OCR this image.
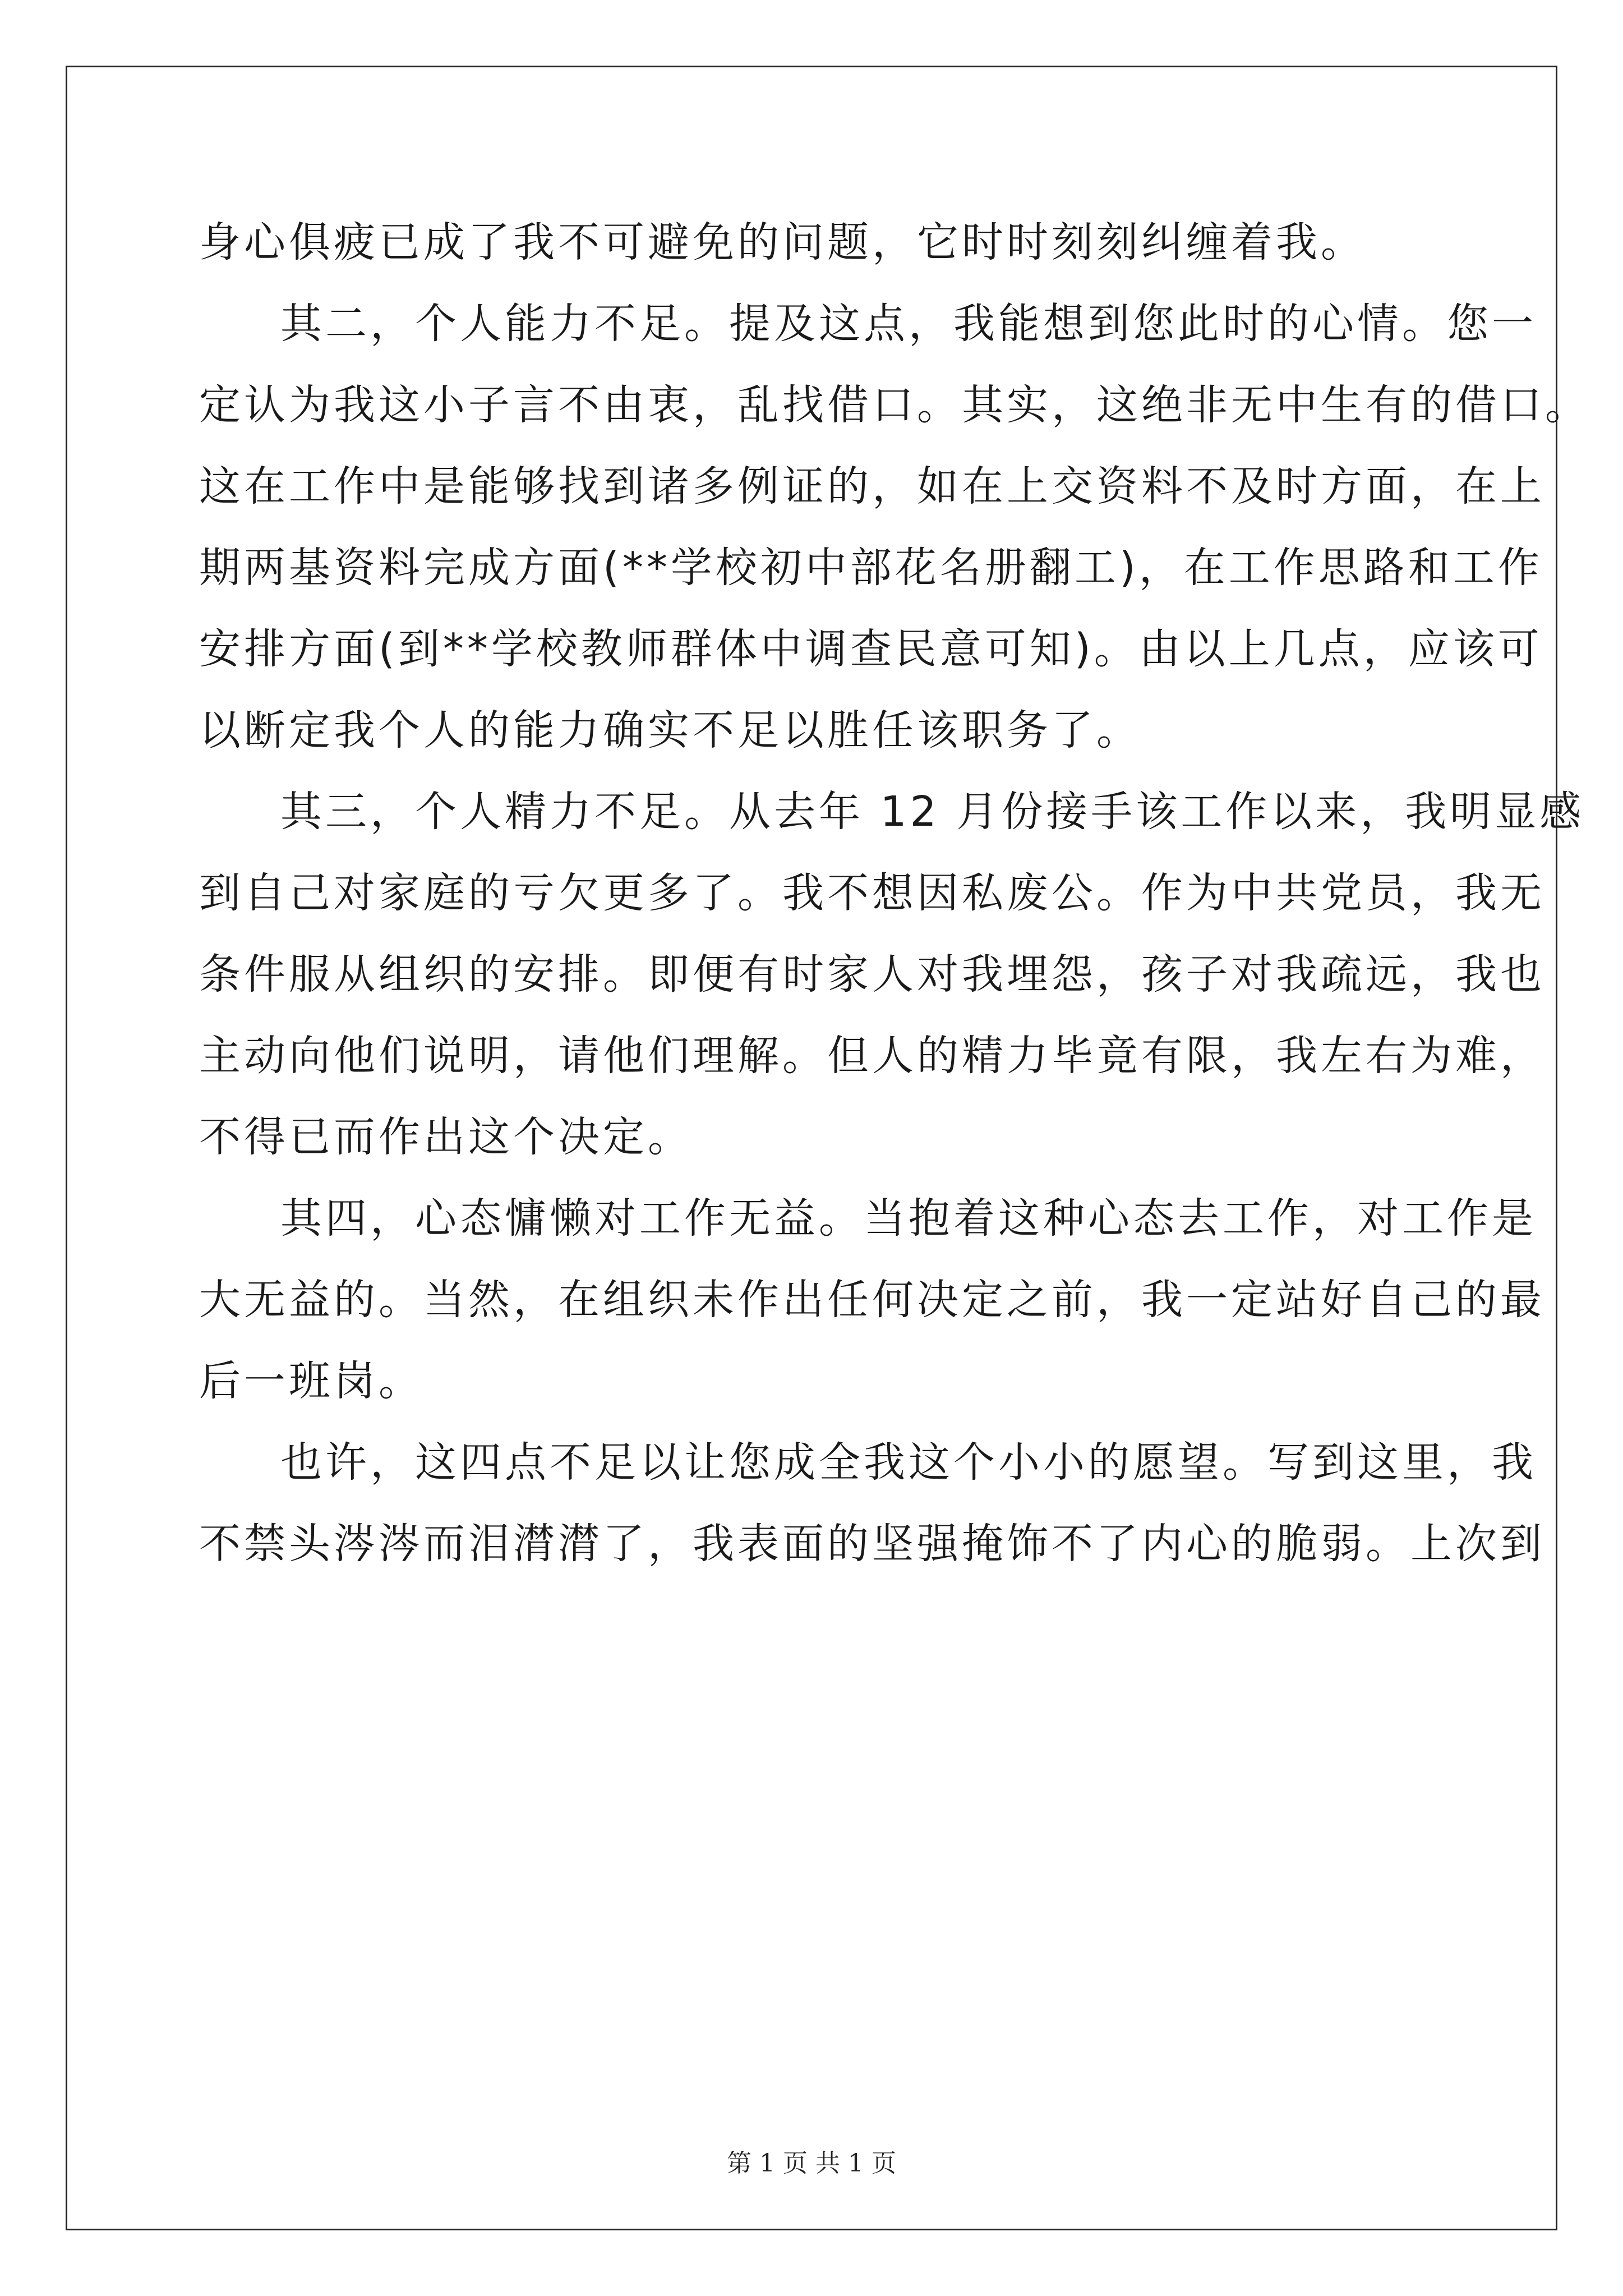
身心俱疲已成了我不可避免的问题，它时时刻刻纠缠着我。
其二，个人能力不足。提及这点，我能想到您此时的心情。您一
定认为我这小子言不由衷，乱找借口。其实，这绝非无中生有的借口。
这在工作中是能够找到诸多例证的，如在上交资料不及时方面，在上
期两基资料完成方面(**学校初中部花名册翻工)，在工作思路和工作
安排方面(到**学校教师群体中调查民意可知)。由以上几点，应该可
以断定我个人的能力确实不足以胜任该职务了。
其三，个人精力不足。从去年 12 月份接手该工作以来，我明显感
到自己对家庭的亏欠更多了。我不想因私废公。作为中共党员，我无
条件服从组织的安排。即便有时家人对我埋怨，孩子对我疏远，我也
主动向他们说明，请他们理解。但人的精力毕竟有限，我左右为难，
不得已而作出这个决定。
其四，心态慵懒对工作无益。当抱着这种心态去工作，对工作是
大无益的。当然，在组织未作出任何决定之前，我一定站好自己的最
后一班岗。
也许，这四点不足以让您成全我这个小小的愿望。写到这里，我
不禁头涔涔而泪潸潸了，我表面的坚强掩饰不了内心的脆弱。上次到
第 1 页 共 1 页
